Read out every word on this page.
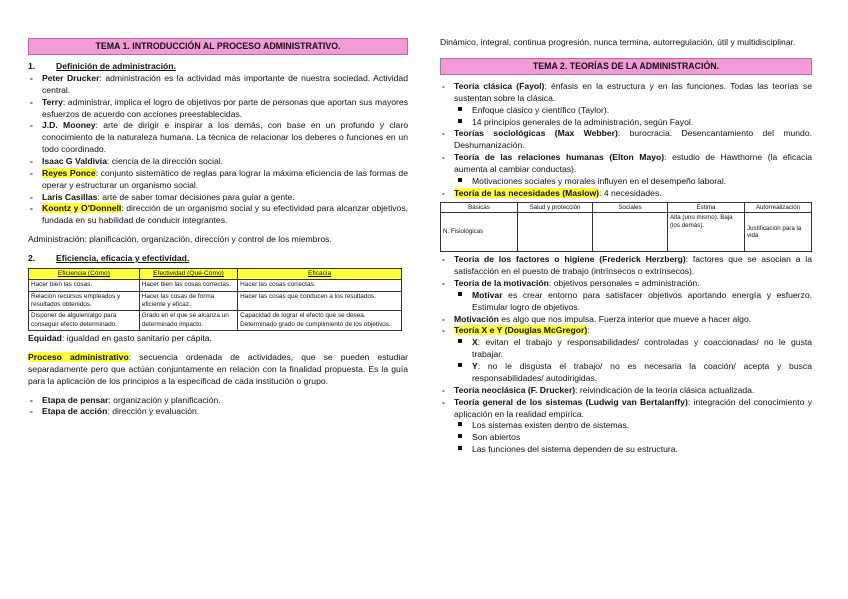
TEMA 1. INTRODUCCIÓN AL PROCESO ADMINISTRATIVO.
1. Definición de administración.
- Peter Drucker: administración es la actividad más importante de nuestra sociedad. Actividad central.
- Terry: administrar, implica el logro de objetivos por parte de personas que aportan sus mayores esfuerzos de acuerdo con acciones preestablecidas.
- J.D. Mooney: arte de dirigir e inspirar a los demás, con base en un profundo y claro conocimiento de la naturaleza humana. La técnica de relacionar los deberes o funciones en un todo coordinado.
- Isaac G Valdivia: ciencia de la dirección social.
- Reyes Ponce: conjunto sistemático de reglas para lograr la máxima eficiencia de las formas de operar y estructurar un organismo social.
- Laris Casillas: arte de saber tomar decisiones para guiar a gente.
- Koontz y O'Donnell: dirección de un organismo social y su efectividad para alcanzar objetivos, fundada en su habilidad de conducir integrantes.
Administración: planificación, organización, dirección y control de los miembros.
2. Eficiencia, eficacia y efectividad.
Eficiencia (Cómo)	Efectividad (Qué-Cómo)	Eficacia
Hacer bien las cosas.	Hacer bien las cosas correctas.	Hacer las cosas correctas.
Relación recursos empleados y resultados obtenidos.	Hacer las cosas de forma eficiente y eficaz.	Hacer las cosas que conducen a los resultados.
Disponer de alguien/algo para conseguir efecto determinado.	Grado en el que se alcanza un determinado impacto.	Capacidad de lograr el efecto que se desea. Determinado grado de cumplimiento de los objetivos.
Equidad: igualdad en gasto sanitario per cápita.
Proceso administrativo: secuencia ordenada de actividades, que se pueden estudiar separadamente pero que actúan conjuntamente en relación con la finalidad propuesta. Es la guía para la aplicación de los principios a la especificad de cada institución o grupo.
- Etapa de pensar: organización y planificación.
- Etapa de acción: dirección y evaluación.
Dinámico, integral, continua progresión, nunca termina, autorregulación, útil y multidisciplinar.
TEMA 2. TEORÍAS DE LA ADMINISTRACIÓN.
- Teoría clásica (Fayol): énfasis en la estructura y en las funciones. Todas las teorías se sustentan sobre la clásica.
Enfoque clásico y científico (Taylor).
14 principios generales de la administración, según Fayol.
- Teorías sociológicas (Max Webber): burocracia. Desencantamiento del mundo. Deshumanización.
- Teoría de las relaciones humanas (Elton Mayo): estudio de Hawthorne (la eficacia aumenta al cambiar conductas).
Motivaciones sociales y morales influyen en el desempeño laboral.
- Teoría de las necesidades (Maslow): 4 necesidades.
Básicas	Salud y protección	Sociales	Estima	Autorrealización
N. Fisiológicas			Alta (uno mismo). Baja (los demás).	Justificación para la vida
- Teoría de los factores o higiene (Frederick Herzberg): factores que se asocian a la satisfacción en el puesto de trabajo (intrínsecos o extrínsecos).
- Teoría de la motivación: objetivos personales = administración.
Motivar es crear entorno para satisfacer objetivos aportando energía y esfuerzo. Estimular logro de objetivos.
- Motivación es algo que nos impulsa. Fuerza interior que mueve a hacer algo.
- Teoría X e Y (Douglas McGregor):
X: evitan el trabajo y responsabilidades/ controladas y coaccionadas/ no le gusta trabajar.
Y: no le disgusta el trabajo/ no es necesaria la coación/ acepta y busca responsabilidades/ autodirigidas.
- Teoría neoclásica (F. Drucker): reivindicación de la teoría clásica actualizada.
- Teoría general de los sistemas (Ludwig van Bertalanffy): integración del conocimiento y aplicación en la realidad empírica.
Los sistemas existen dentro de sistemas.
Son abiertos
Las funciones del sistema dependen de su estructura.
